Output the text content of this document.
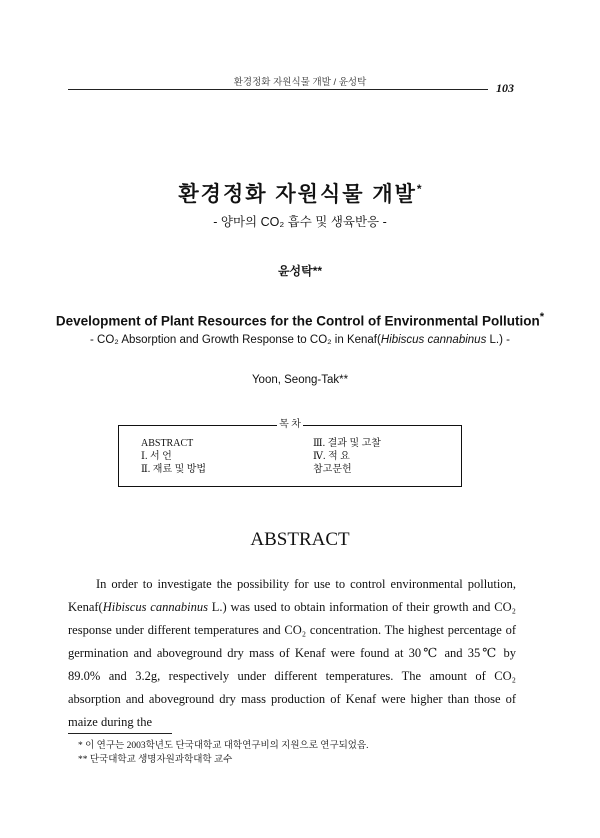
환경정화 자원식물 개발 / 윤성탁	103
환경정화 자원식물 개발*
- 양마의 CO₂ 흡수 및 생육반응 -
윤성탁**
Development of Plant Resources for the Control of Environmental Pollution*
- CO₂ Absorption and Growth Response to CO₂ in Kenaf(Hibiscus cannabinus L.) -
Yoon, Seong-Tak**
목 차
ABSTRACT
Ⅰ. 서 언
Ⅱ. 재료 및 방법
Ⅲ. 결과 및 고찰
Ⅳ. 적 요
참고문헌
ABSTRACT

In order to investigate the possibility for use to control environmental pollution, Kenaf(Hibiscus cannabinus L.) was used to obtain information of their growth and CO₂ response under different temperatures and CO₂ concentration. The highest percentage of germination and aboveground dry mass of Kenaf were found at 30℃ and 35℃ by 89.0% and 3.2g, respectively under different temperatures. The amount of CO₂ absorption and aboveground dry mass production of Kenaf were higher than those of maize during the

* 이 연구는 2003학년도 단국대학교 대학연구비의 지원으로 연구되었음.
** 단국대학교 생명자원과학대학 교수
